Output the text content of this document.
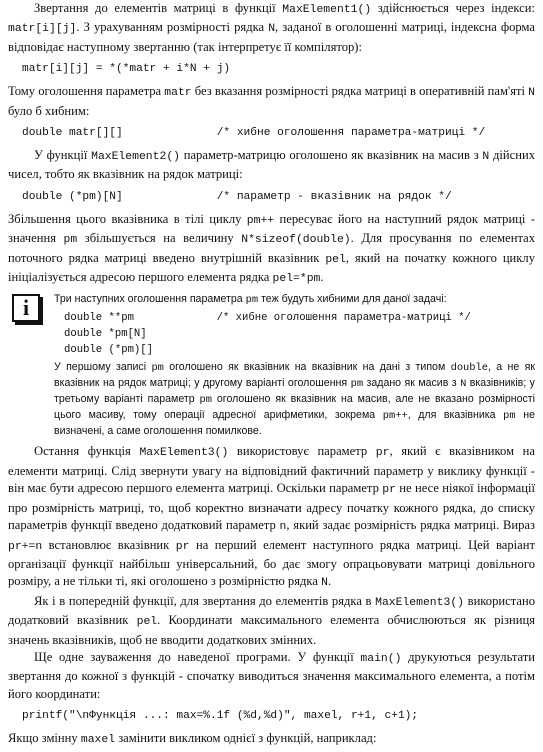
Звертання до елементів матриці в функції MaxElement1() здійснюється через індекси: matr[i][j]. З урахуванням розмірності рядка N, заданої в оголошенні матриці, індексна форма відповідає наступному звертанню (так інтерпретує її компілятор):

matr[i][j] = *(*matr + i*N + j)

Тому оголошення параметра matr без вказання розмірності рядка матриці в оперативній пам'яті N було б хибним:

double matr[][]              /* хибне оголошення параметра-матриці */

У функції MaxElement2() параметр-матрицю оголошено як вказівник на масив з N дійсних чисел, тобто як вказівник на рядок матриці:

double (*pm)[N]              /* параметр - вказівник на рядок */

Збільшення цього вказівника в тілі циклу pm++ пересуває його на наступний рядок матриці - значення pm збільшується на величину N*sizeof(double). Для просування по елементах поточного рядка матриці введено внутрішній вказівник pel, який на початку кожного циклу ініціалізується адресою першого елемента рядка pel=*pm.

i	Три наступних оголошення параметра pm теж будуть хибними для даної задачі:

double **pm             /* хибне оголошення параметра-матриці */
double *pm[N]
double (*pm)[]

У першому записі pm оголошено як вказівник на вказівник на дані з типом double, а не як вказівник на рядок матриці; у другому варіанті оголошення pm задано як масив з N вказівників; у третьому варіанті параметр pm оголошено як вказівник на масив, але не вказано розмірності цього масиву, тому операції адресної арифметики, зокрема pm++, для вказівника pm не визначені, а саме оголошення помилкове.

Остання функція MaxElement3() використовує параметр pr, який є вказівником на елементи матриці. Слід звернути увагу на відповідний фактичний параметр у виклику функції - він має бути адресою першого елемента матриці. Оскільки параметр pr не несе ніякої інформації про розмірність матриці, то, щоб коректно визначати адресу початку кожного рядка, до списку параметрів функції введено додатковий параметр n, який задає розмірність рядка матриці. Вираз pr+=n встановлює вказівник pr на перший елемент наступного рядка матриці. Цей варіант організації функції найбільш універсальний, бо дає змогу опрацьовувати матриці довільного розміру, а не тільки ті, які оголошено з розмірністю рядка N.

Як і в попередній функції, для звертання до елементів рядка в MaxElement3() використано додатковий вказівник pel. Координати максимального елемента обчислюються як різниця значень вказівників, щоб не вводити додаткових змінних.

Ще одне зауваження до наведеної програми. У функції main() друкуються результати звертання до кожної з функцій - спочатку виводиться значення максимального елемента, а потім його координати:

printf("\nФункція ...: max=%.1f (%d,%d)", maxel, r+1, c+1);

Якщо змінну maxel замінити викликом однієї з функцій, наприклад:
